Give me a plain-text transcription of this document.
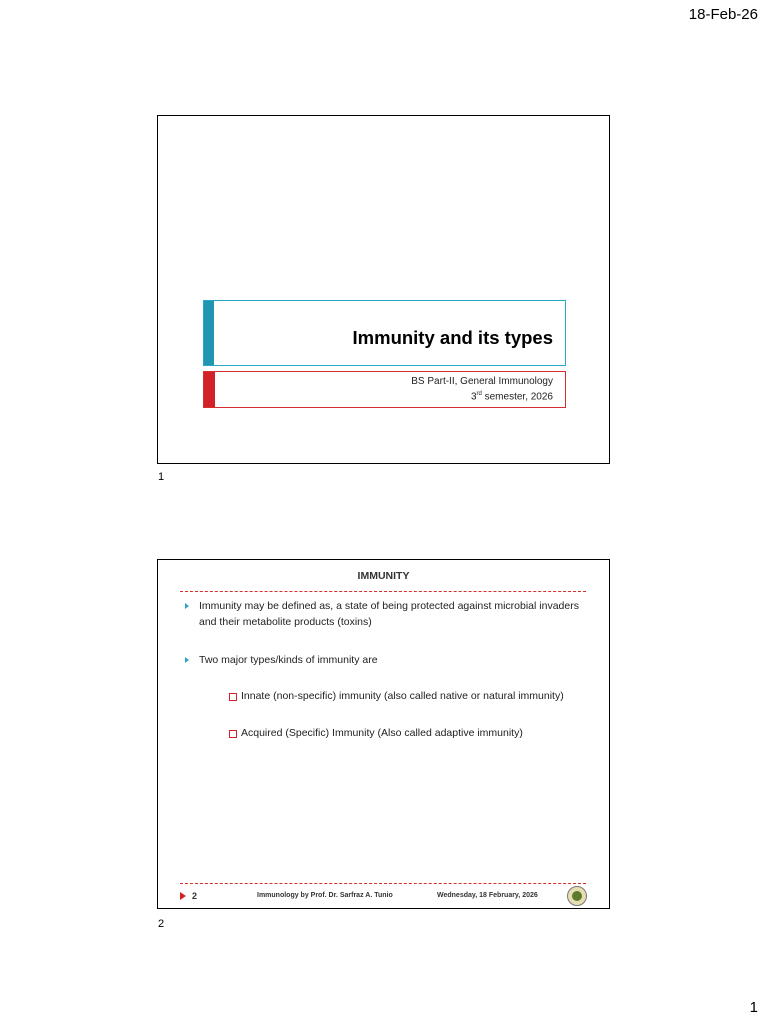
18-Feb-26
Immunity and its types
BS Part-II, General Immunology
3rd semester, 2026
1
IMMUNITY
Immunity may be defined as, a state of being protected against microbial invaders
and their metabolite products (toxins)
Two major types/kinds of immunity are
Innate (non-specific) immunity (also called native or natural immunity)
Acquired (Specific) Immunity (Also called adaptive immunity)
2	Immunology by Prof. Dr. Sarfraz A. Tunio	Wednesday, 18 February, 2026
2
1
